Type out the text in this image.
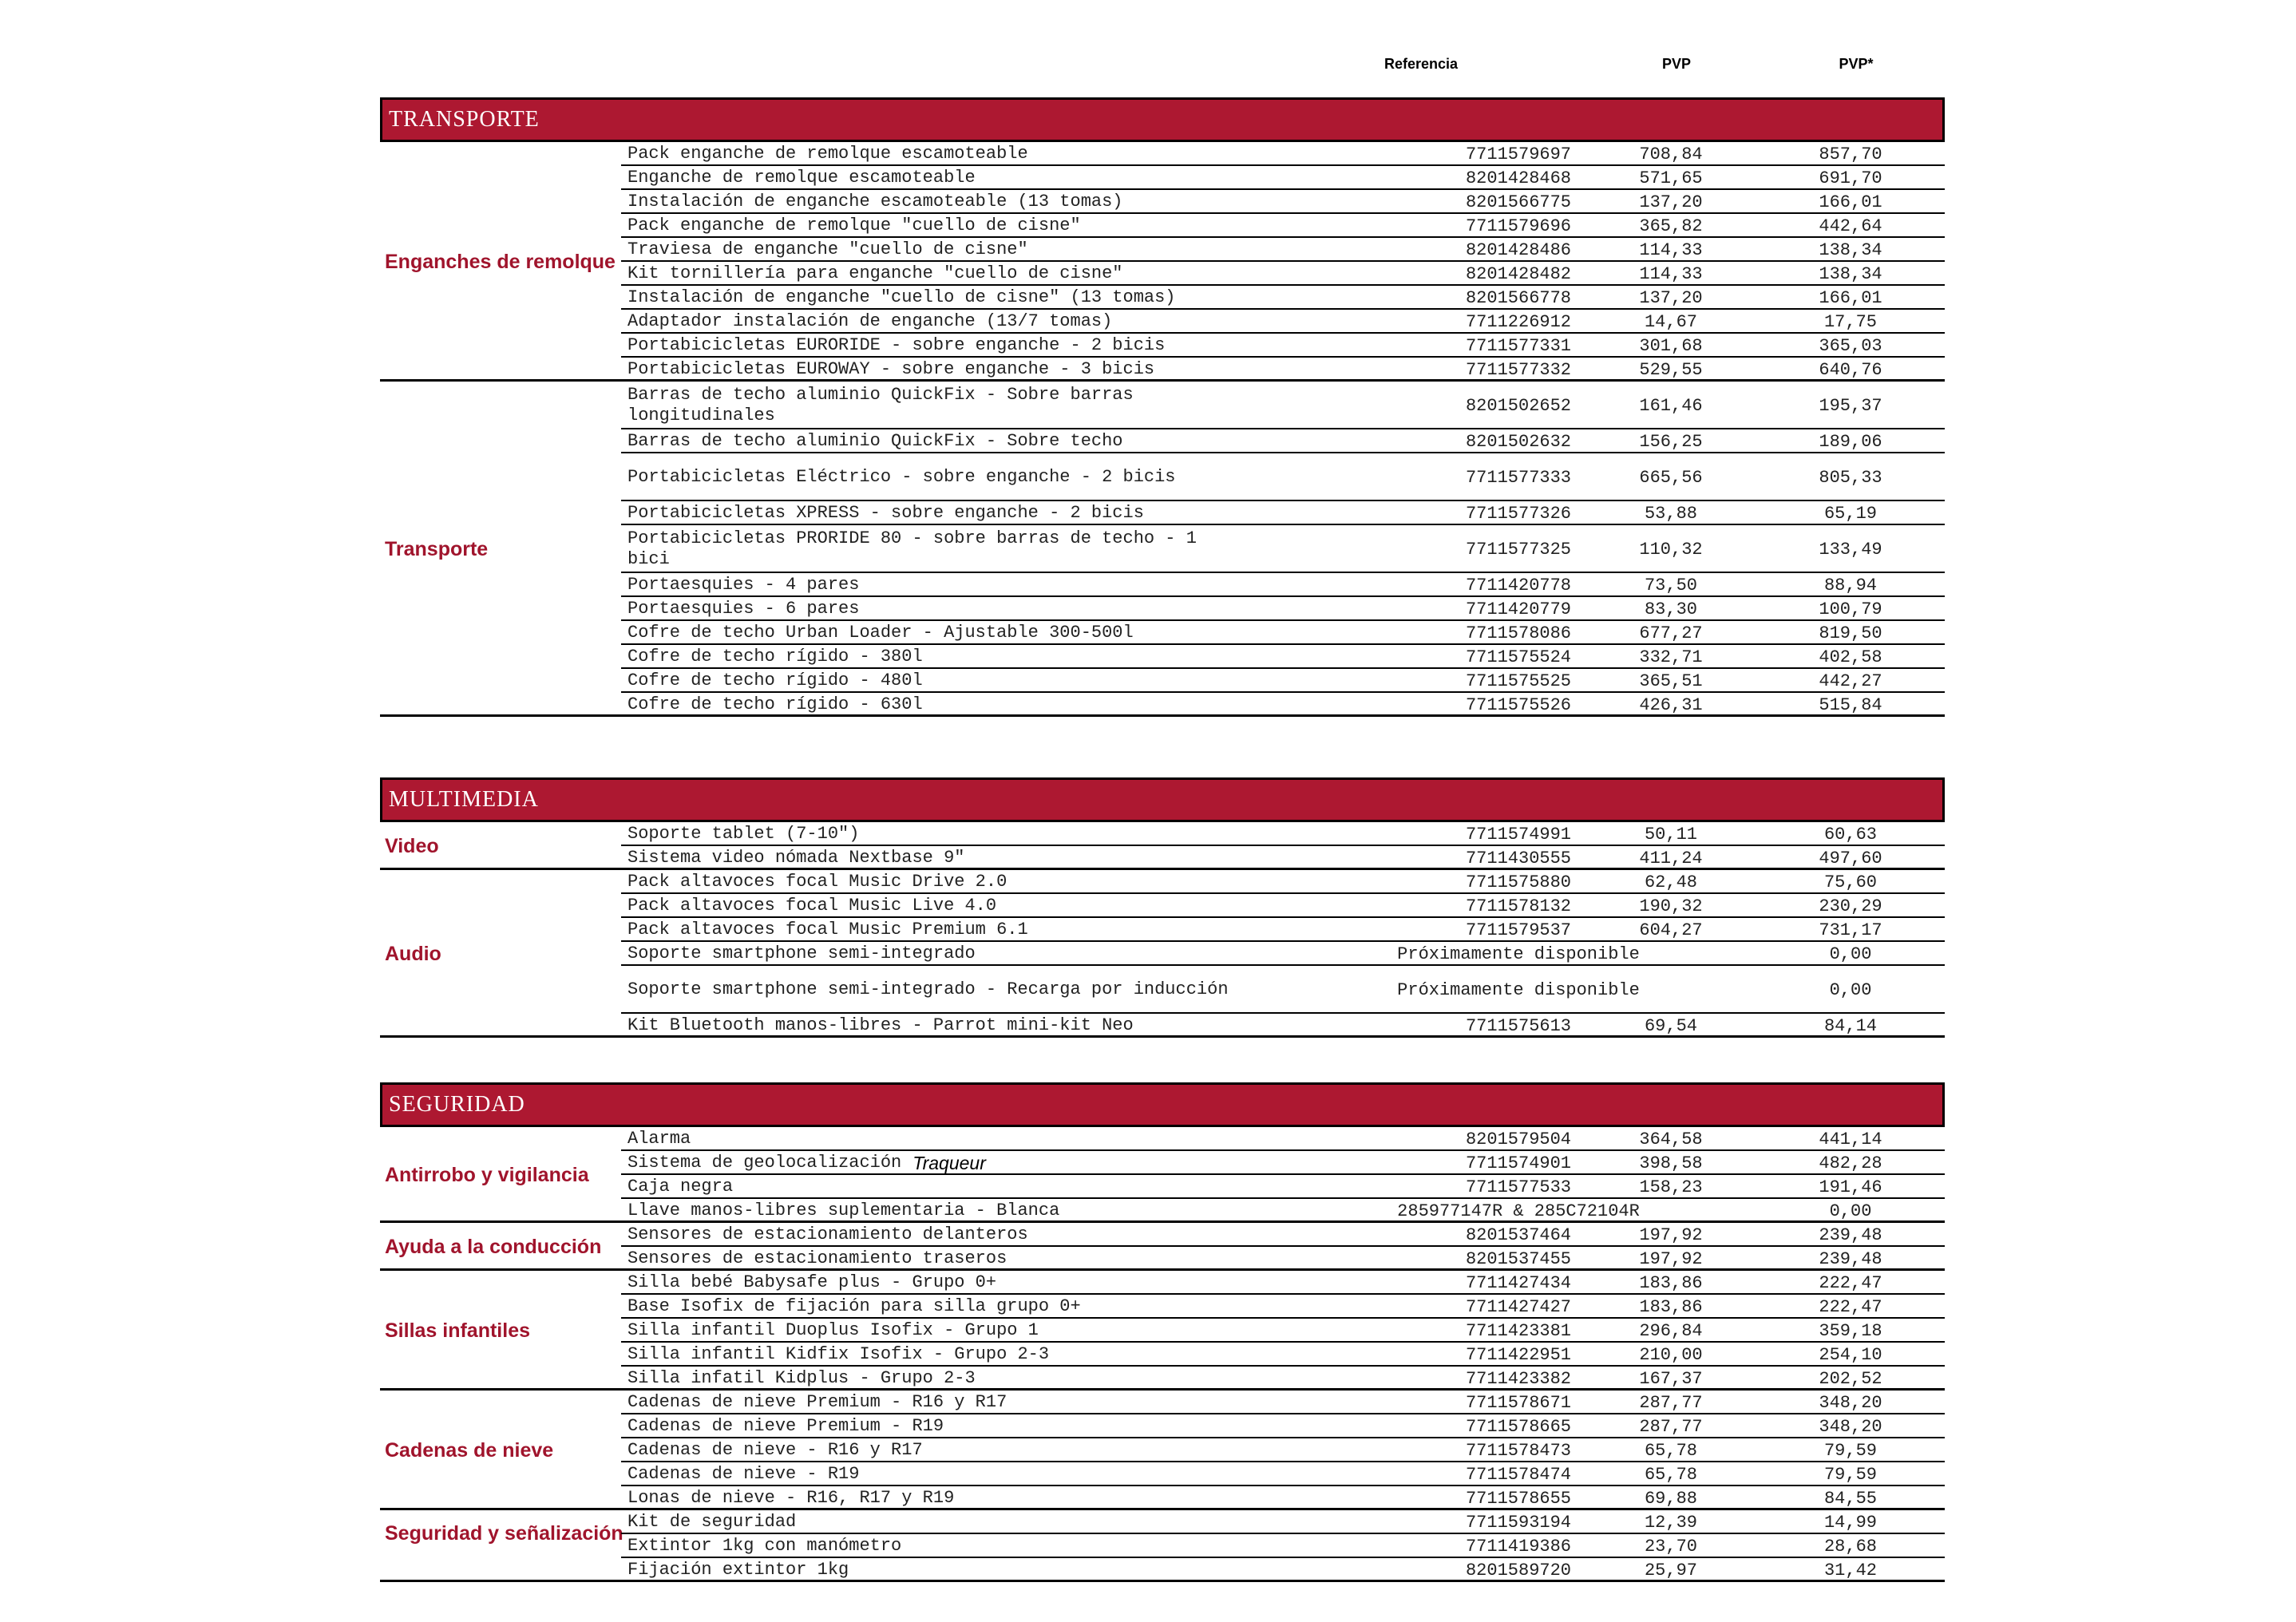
Referencia	PVP	PVP*
TRANSPORTE
Enganches de remolque
Pack enganche de remolque escamoteable	7711579697	708,84	857,70
Enganche de remolque escamoteable	8201428468	571,65	691,70
Instalación de enganche escamoteable (13 tomas)	8201566775	137,20	166,01
Pack enganche de remolque "cuello de cisne"	7711579696	365,82	442,64
Traviesa de enganche "cuello de cisne"	8201428486	114,33	138,34
Kit tornillería para enganche "cuello de cisne"	8201428482	114,33	138,34
Instalación de enganche "cuello de cisne" (13 tomas)	8201566778	137,20	166,01
Adaptador instalación de enganche (13/7 tomas)	7711226912	14,67	17,75
Portabicicletas EURORIDE - sobre enganche - 2 bicis	7711577331	301,68	365,03
Portabicicletas EUROWAY - sobre enganche - 3 bicis	7711577332	529,55	640,76
Transporte
Barras de techo aluminio QuickFix - Sobre barras longitudinales	8201502652	161,46	195,37
Barras de techo aluminio QuickFix - Sobre techo	8201502632	156,25	189,06
Portabicicletas Eléctrico - sobre enganche - 2 bicis	7711577333	665,56	805,33
Portabicicletas XPRESS - sobre enganche - 2 bicis	7711577326	53,88	65,19
Portabicicletas PRORIDE 80 - sobre barras de techo - 1 bici	7711577325	110,32	133,49
Portaesquies - 4 pares	7711420778	73,50	88,94
Portaesquies - 6 pares	7711420779	83,30	100,79
Cofre de techo Urban Loader - Ajustable 300-500l	7711578086	677,27	819,50
Cofre de techo rígido - 380l	7711575524	332,71	402,58
Cofre de techo rígido - 480l	7711575525	365,51	442,27
Cofre de techo rígido - 630l	7711575526	426,31	515,84
MULTIMEDIA
Video
Soporte tablet (7-10")	7711574991	50,11	60,63
Sistema video nómada Nextbase 9"	7711430555	411,24	497,60
Audio
Pack altavoces focal Music Drive 2.0	7711575880	62,48	75,60
Pack altavoces focal Music Live 4.0	7711578132	190,32	230,29
Pack altavoces focal Music Premium 6.1	7711579537	604,27	731,17
Soporte smartphone semi-integrado	Próximamente disponible	0,00
Soporte smartphone semi-integrado - Recarga por inducción	Próximamente disponible	0,00
Kit Bluetooth manos-libres - Parrot mini-kit Neo	7711575613	69,54	84,14
SEGURIDAD
Antirrobo y vigilancia
Alarma	8201579504	364,58	441,14
Sistema de geolocalización Traqueur	7711574901	398,58	482,28
Caja negra	7711577533	158,23	191,46
Llave manos-libres suplementaria - Blanca	285977147R & 285C72104R	0,00
Ayuda a la conducción
Sensores de estacionamiento delanteros	8201537464	197,92	239,48
Sensores de estacionamiento traseros	8201537455	197,92	239,48
Sillas infantiles
Silla bebé Babysafe plus - Grupo 0+	7711427434	183,86	222,47
Base Isofix de fijación para silla grupo 0+	7711427427	183,86	222,47
Silla infantil Duoplus Isofix - Grupo 1	7711423381	296,84	359,18
Silla infantil Kidfix Isofix - Grupo 2-3	7711422951	210,00	254,10
Silla infatil Kidplus - Grupo 2-3	7711423382	167,37	202,52
Cadenas de nieve
Cadenas de nieve Premium - R16 y R17	7711578671	287,77	348,20
Cadenas de nieve Premium - R19	7711578665	287,77	348,20
Cadenas de nieve - R16 y R17	7711578473	65,78	79,59
Cadenas de nieve - R19	7711578474	65,78	79,59
Lonas de nieve - R16, R17 y R19	7711578655	69,88	84,55
Seguridad y señalización
Kit de seguridad	7711593194	12,39	14,99
Extintor 1kg con manómetro	7711419386	23,70	28,68
Fijación extintor 1kg	8201589720	25,97	31,42
